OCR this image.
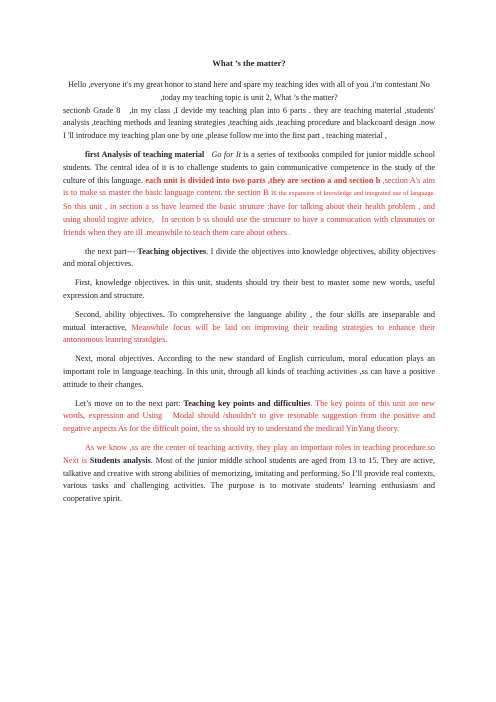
What ’s the matter?

Hello ,everyone it's my great honor to stand here and spare my teaching ides with all of you .i'm contestant No ,today my teaching topic is unit 2, What ’s the matter?

sectionb Grade 8   ,in my class ,I devide my teaching plan into 6 parts . they are teaching material ,students' analysis ,teaching methods and leaning strategies ,teaching aids ,teaching procedure and blackcoard design .now I 'll introduce my teaching plan one by one ,please follow me into the first part , teaching material ,

first Analysis of teaching material Go for It is a series of textbooks compiled for junior middle school students. The central idea of it is to challenge students to gain communicative competence in the study of the culture of this language. each unit is divided into two parts ,they are section a and section b ,section A's aim is to make ss master the basic language content. the section B is the expansion of knowledge and integrated use of language. So this unit , in section a ss have learned the basic struture :have for talking about their health problem , and using should togive advice,   In section b ss should use the structure to have a commucation with classmates or friends when they are ill .meanwhile to teach them care about others .

the next part--- Teaching objectives. I divide the objectives into knowledge objectives, ability objectives and moral objectives.

First, knowledge objectives. in this unit, students should try their best to master some new words, useful expression and structure.

Second, ability objectives. To comprehensive the languange ability , the four skills are inseparable and mutual interactive, Meanwhile focus will be laid on improving their reading strategies to enhance their antonomous leanring stratdgies.

Next, moral objectives. According to the new standard of English curriculum, moral education plays an important role in language teaching. In this unit, through all kinds of teaching activities ,ss can have a positive attitude to their changes.

Let’s move on to the next part: Teaching key points and difficulties. The key points of this unit are new words, expression and Using   Modal should /shouldn’t to give resonable suggestion from the positive and negative aspects As for the difficult point, the ss should try to understand the medicail YinYang theory.

As we know ,ss are the center of teaching activity, they play an important roles in teaching procedure.so Next is Students analysis. Most of the junior middle school students are aged from 13 to 15. They are active, talkative and creative with strong abilities of memorizing, imitating and performing. So I’ll provide real contexts, various tasks and challenging activities. The purpose is to motivate students’ learning enthusiasm and cooperative spirit.
